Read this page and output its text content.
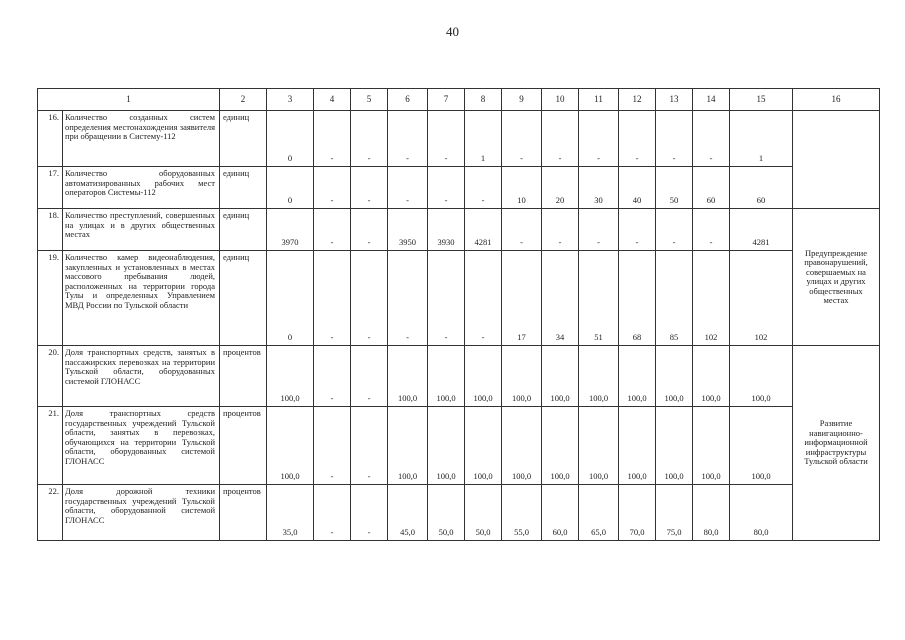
40
1		2	3	4	5	6	7	8	9	10	11	12	13	14	15	16
16.	Количество созданных систем определения местонахождения заявителя при обращении в Систему-112	единиц	0	-	-	-	-	1	-	-	-	-	-	-	1	
17.	Количество оборудованных автоматизированных рабочих мест операторов Системы-112	единиц	0	-	-	-	-	-	10	20	30	40	50	60	60	
18.	Количество преступлений, совершенных на улицах и в других общественных местах	единиц	3970	-	-	3950	3930	4281	-	-	-	-	-	-	4281	Предупреждение правонарушений, совершаемых на улицах и других общественных местах
19.	Количество камер видеонаблюдения, закупленных и установленных в местах массового пребывания людей, расположенных на территории города Тулы и определенных Управлением МВД России по Тульской области	единиц	0	-	-	-	-	-	17	34	51	68	85	102	102	
20.	Доля транспортных средств, занятых в пассажирских перевозках на территории Тульской области, оборудованных системой ГЛОНАСС	процентов	100,0	-	-	100,0	100,0	100,0	100,0	100,0	100,0	100,0	100,0	100,0	100,0	Развитие навигационно-информационной инфраструктуры Тульской области
21.	Доля транспортных средств государственных учреждений Тульской области, занятых в перевозках, обучающихся на территории Тульской области, оборудованных системой ГЛОНАСС	процентов	100,0	-	-	100,0	100,0	100,0	100,0	100,0	100,0	100,0	100,0	100,0	100,0	
22.	Доля дорожной техники государственных учреждений Тульской области, оборудованной системой ГЛОНАСС	процентов	35,0	-	-	45,0	50,0	50,0	55,0	60,0	65,0	70,0	75,0	80,0	80,0	
